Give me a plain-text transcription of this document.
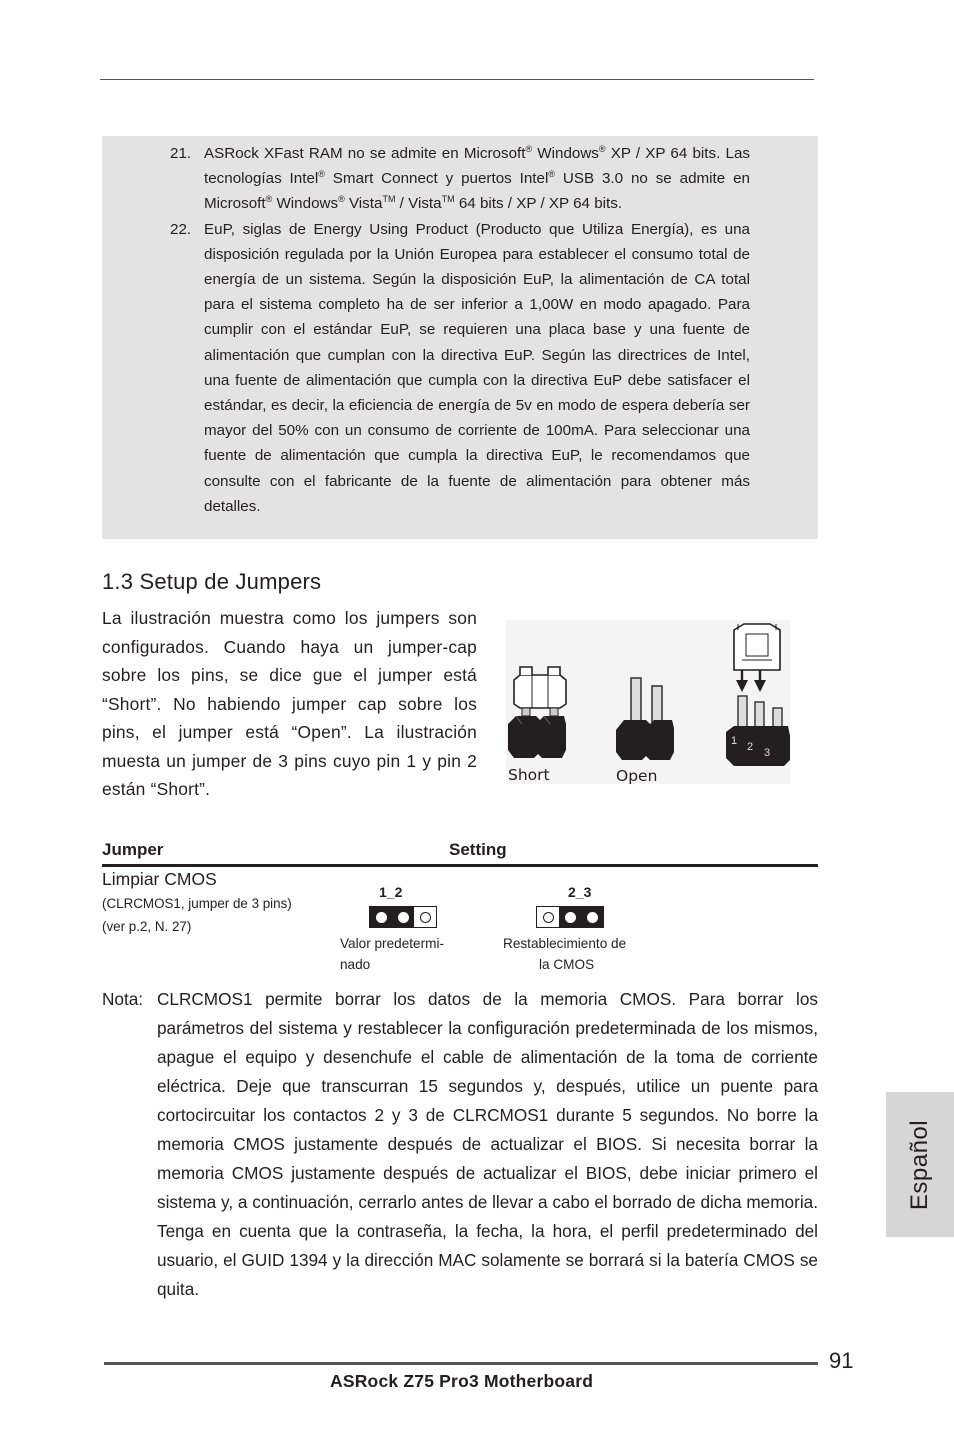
21. ASRock XFast RAM no se admite en Microsoft® Windows® XP / XP 64 bits. Las tecnologías Intel® Smart Connect y puertos Intel® USB 3.0 no se admite en Microsoft® Windows® Vista™ / Vista™ 64 bits / XP / XP 64 bits.
22. EuP, siglas de Energy Using Product (Producto que Utiliza Energía), es una disposición regulada por la Unión Europea para establecer el consumo total de energía de un sistema. Según la disposición EuP, la alimentación de CA total para el sistema completo ha de ser inferior a 1,00W en modo apagado. Para cumplir con el estándar EuP, se requieren una placa base y una fuente de alimentación que cumplan con la directiva EuP. Según las directrices de Intel, una fuente de alimentación que cumpla con la directiva EuP debe satisfacer el estándar, es decir, la eficiencia de energía de 5v en modo de espera debería ser mayor del 50% con un consumo de corriente de 100mA. Para seleccionar una fuente de alimentación que cumpla la directiva EuP, le recomendamos que consulte con el fabricante de la fuente de alimentación para obtener más detalles.
1.3 Setup de Jumpers
La ilustración muestra como los jumpers son configurados. Cuando haya un jumper-cap sobre los pins, se dice gue el jumper está “Short”. No habiendo jumper cap sobre los pins, el jumper está “Open”. La ilustración muesta un jumper de 3 pins cuyo pin 1 y pin 2 están “Short”.
Short	Open
1 2 3
Jumper	Setting
Limpiar CMOS
(CLRCMOS1, jumper de 3 pins)
(ver p.2, N. 27)
1_2
Valor predetermi-
nado
2_3
Restablecimiento de
la CMOS
Nota: CLRCMOS1 permite borrar los datos de la memoria CMOS. Para borrar los parámetros del sistema y restablecer la configuración predeterminada de los mismos, apague el equipo y desenchufe el cable de alimentación de la toma de corriente eléctrica. Deje que transcurran 15 segundos y, después, utilice un puente para cortocircuitar los contactos 2 y 3 de CLRCMOS1 durante 5 segundos. No borre la memoria CMOS justamente después de actualizar el BIOS. Si necesita borrar la memoria CMOS justamente después de actualizar el BIOS, debe iniciar primero el sistema y, a continuación, cerrarlo antes de llevar a cabo el borrado de dicha memoria. Tenga en cuenta que la contraseña, la fecha, la hora, el perfil predeterminado del usuario, el GUID 1394 y la dirección MAC solamente se borrará si la batería CMOS se quita.
Español
91
ASRock Z75 Pro3 Motherboard
